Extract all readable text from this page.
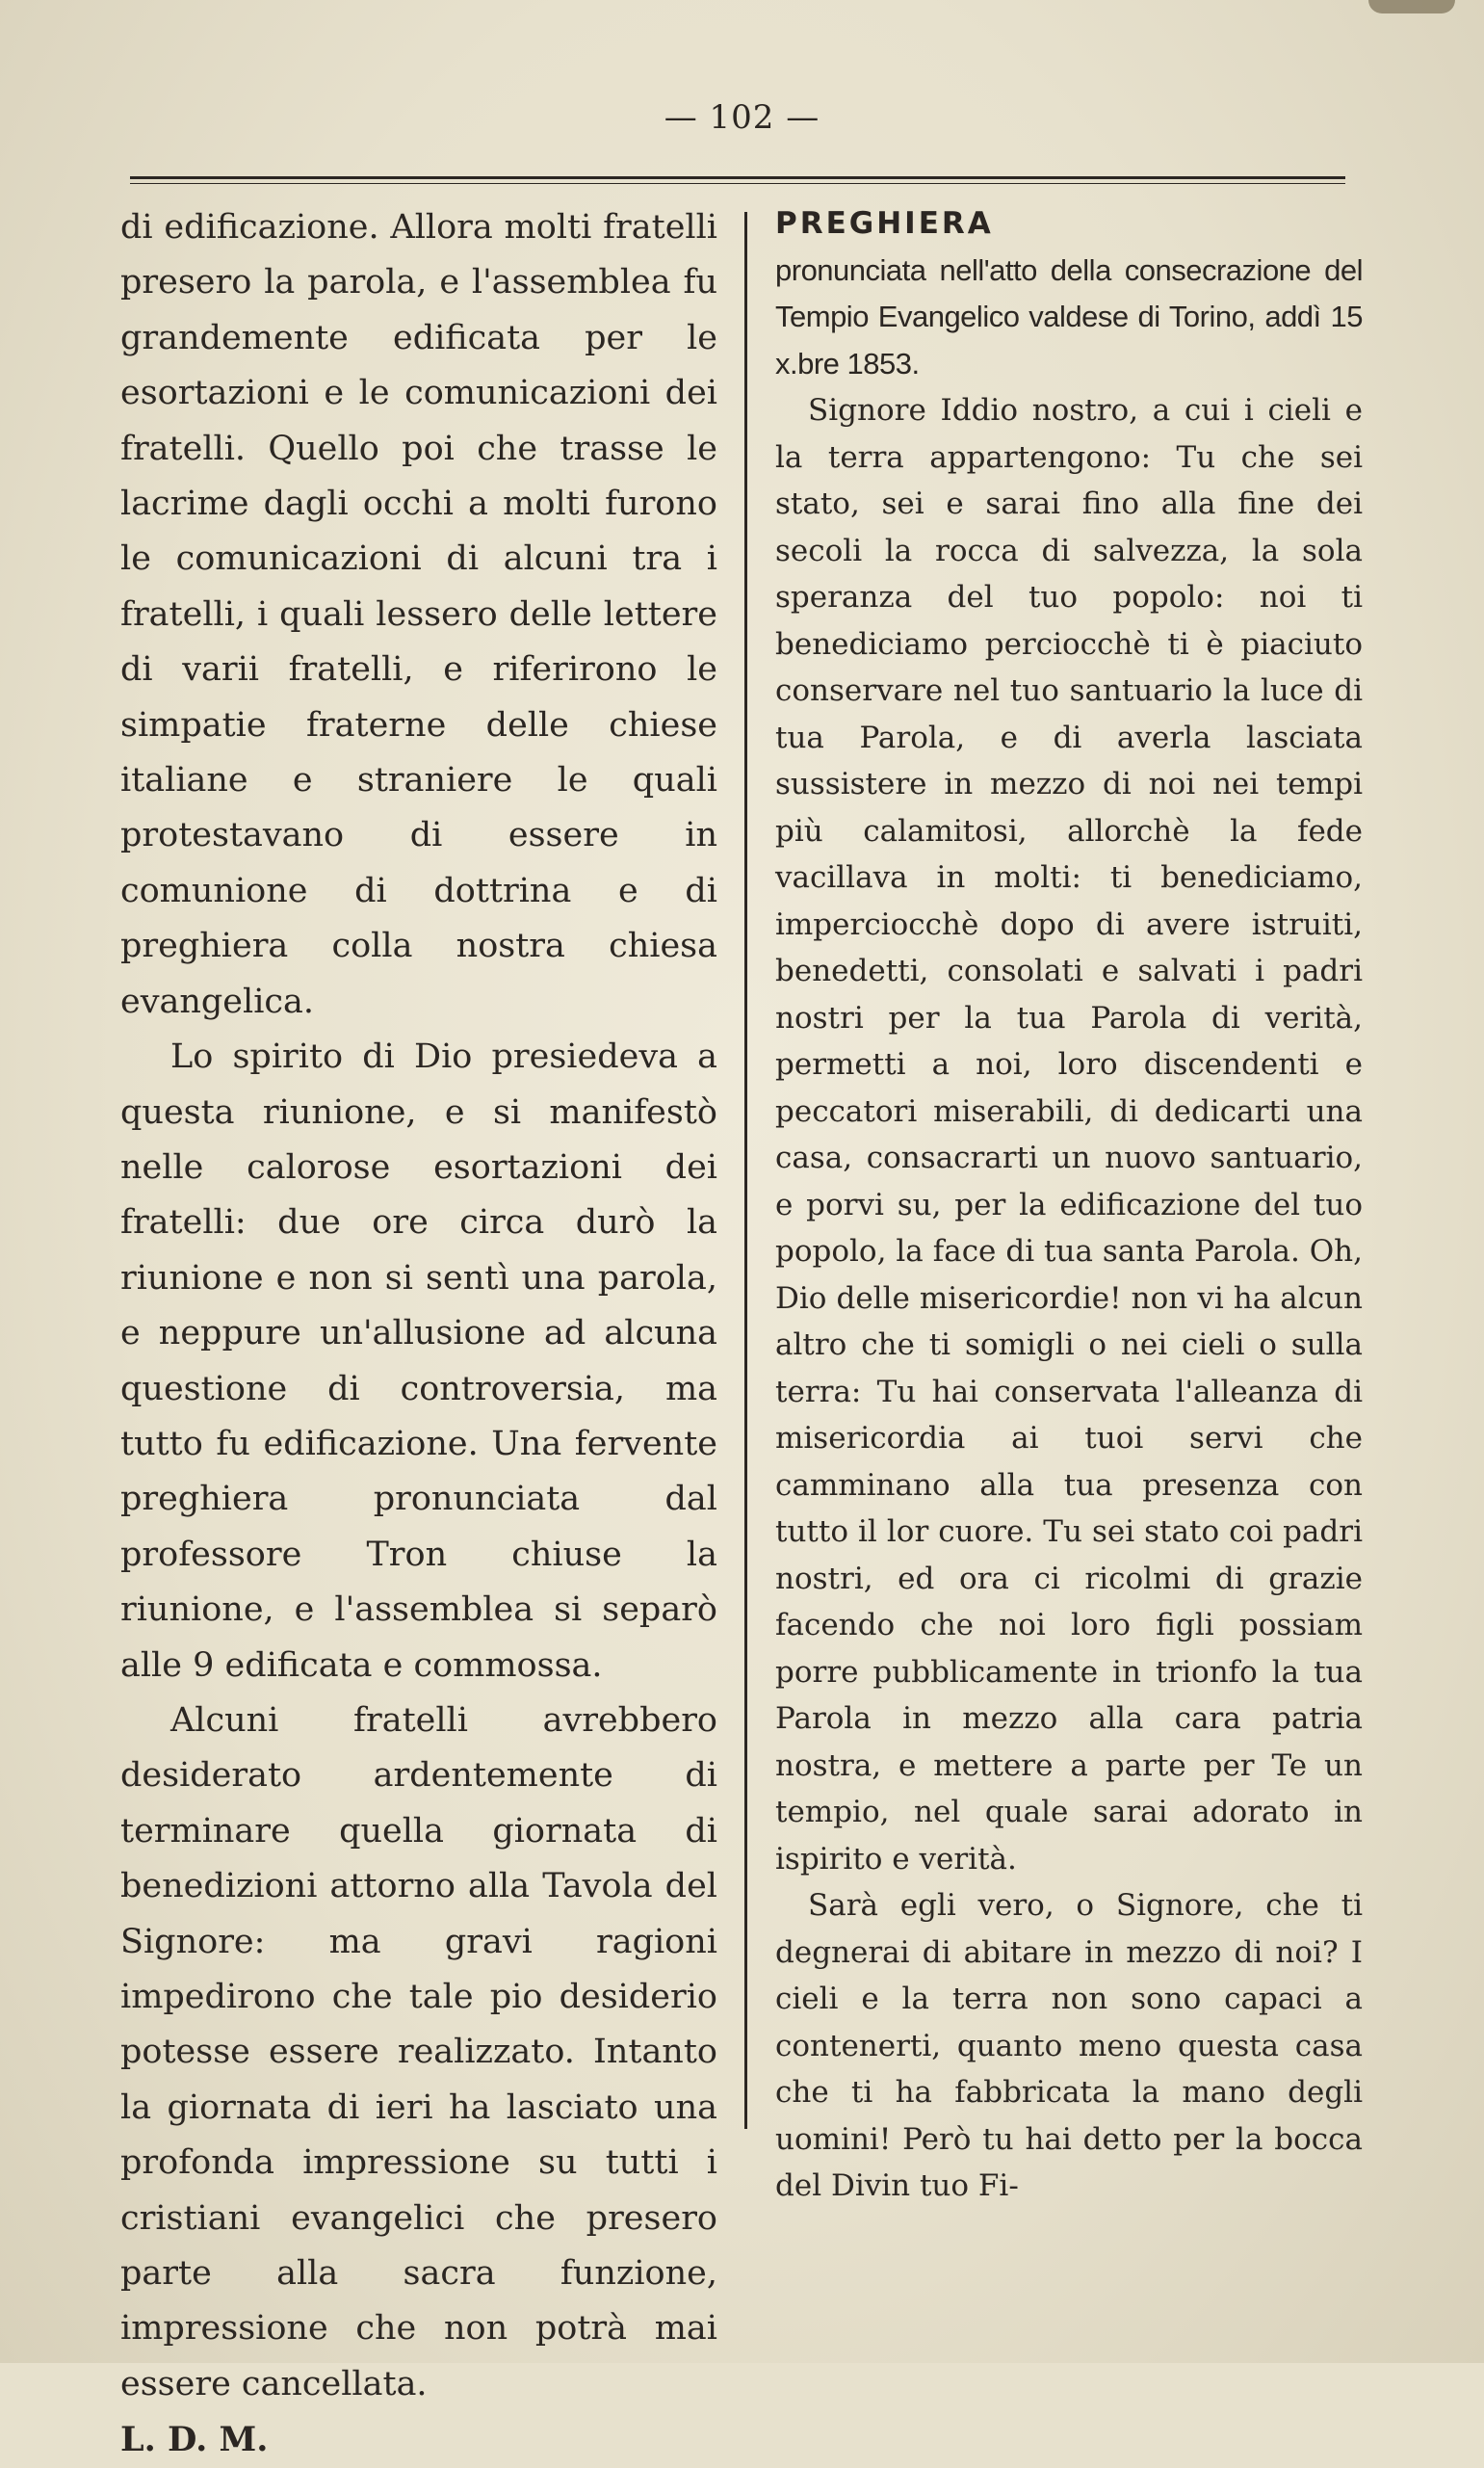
— 102 —

di edificazione. Allora molti fratelli presero la parola, e l'assemblea fu grandemente edificata per le esortazioni e le comunicazioni dei fratelli. Quello poi che trasse le lacrime dagli occhi a molti furono le comunicazioni di alcuni tra i fratelli, i quali lessero delle lettere di varii fratelli, e riferirono le simpatie fraterne delle chiese italiane e straniere le quali protestavano di essere in comunione di dottrina e di preghiera colla nostra chiesa evangelica.

Lo spirito di Dio presiedeva a questa riunione, e si manifestò nelle calorose esortazioni dei fratelli: due ore circa durò la riunione e non si sentì una parola, e neppure un'allusione ad alcuna questione di controversia, ma tutto fu edificazione. Una fervente preghiera pronunciata dal professore Tron chiuse la riunione, e l'assemblea si separò alle 9 edificata e commossa.

Alcuni fratelli avrebbero desiderato ardentemente di terminare quella giornata di benedizioni attorno alla Tavola del Signore: ma gravi ragioni impedirono che tale pio desiderio potesse essere realizzato. Intanto la giornata di ieri ha lasciato una profonda impressione su tutti i cristiani evangelici che presero parte alla sacra funzione, impressione che non potrà mai essere cancellata.

L. D. M.

PREGHIERA

pronunciata nell'atto della consecrazione del Tempio Evangelico valdese di Torino, addì 15 x.bre 1853.

Signore Iddio nostro, a cui i cieli e la terra appartengono: Tu che sei stato, sei e sarai fino alla fine dei secoli la rocca di salvezza, la sola speranza del tuo popolo: noi ti benediciamo perciocchè ti è piaciuto conservare nel tuo santuario la luce di tua Parola, e di averla lasciata sussistere in mezzo di noi nei tempi più calamitosi, allorchè la fede vacillava in molti: ti benediciamo, imperciocchè dopo di avere istruiti, benedetti, consolati e salvati i padri nostri per la tua Parola di verità, permetti a noi, loro discendenti e peccatori miserabili, di dedicarti una casa, consacrarti un nuovo santuario, e porvi su, per la edificazione del tuo popolo, la face di tua santa Parola. Oh, Dio delle misericordie! non vi ha alcun altro che ti somigli o nei cieli o sulla terra: Tu hai conservata l'alleanza di misericordia ai tuoi servi che camminano alla tua presenza con tutto il lor cuore. Tu sei stato coi padri nostri, ed ora ci ricolmi di grazie facendo che noi loro figli possiam porre pubblicamente in trionfo la tua Parola in mezzo alla cara patria nostra, e mettere a parte per Te un tempio, nel quale sarai adorato in ispirito e verità.

Sarà egli vero, o Signore, che ti degnerai di abitare in mezzo di noi? I cieli e la terra non sono capaci a contenerti, quanto meno questa casa che ti ha fabbricata la mano degli uomini! Però tu hai detto per la bocca del Divin tuo Fi-
